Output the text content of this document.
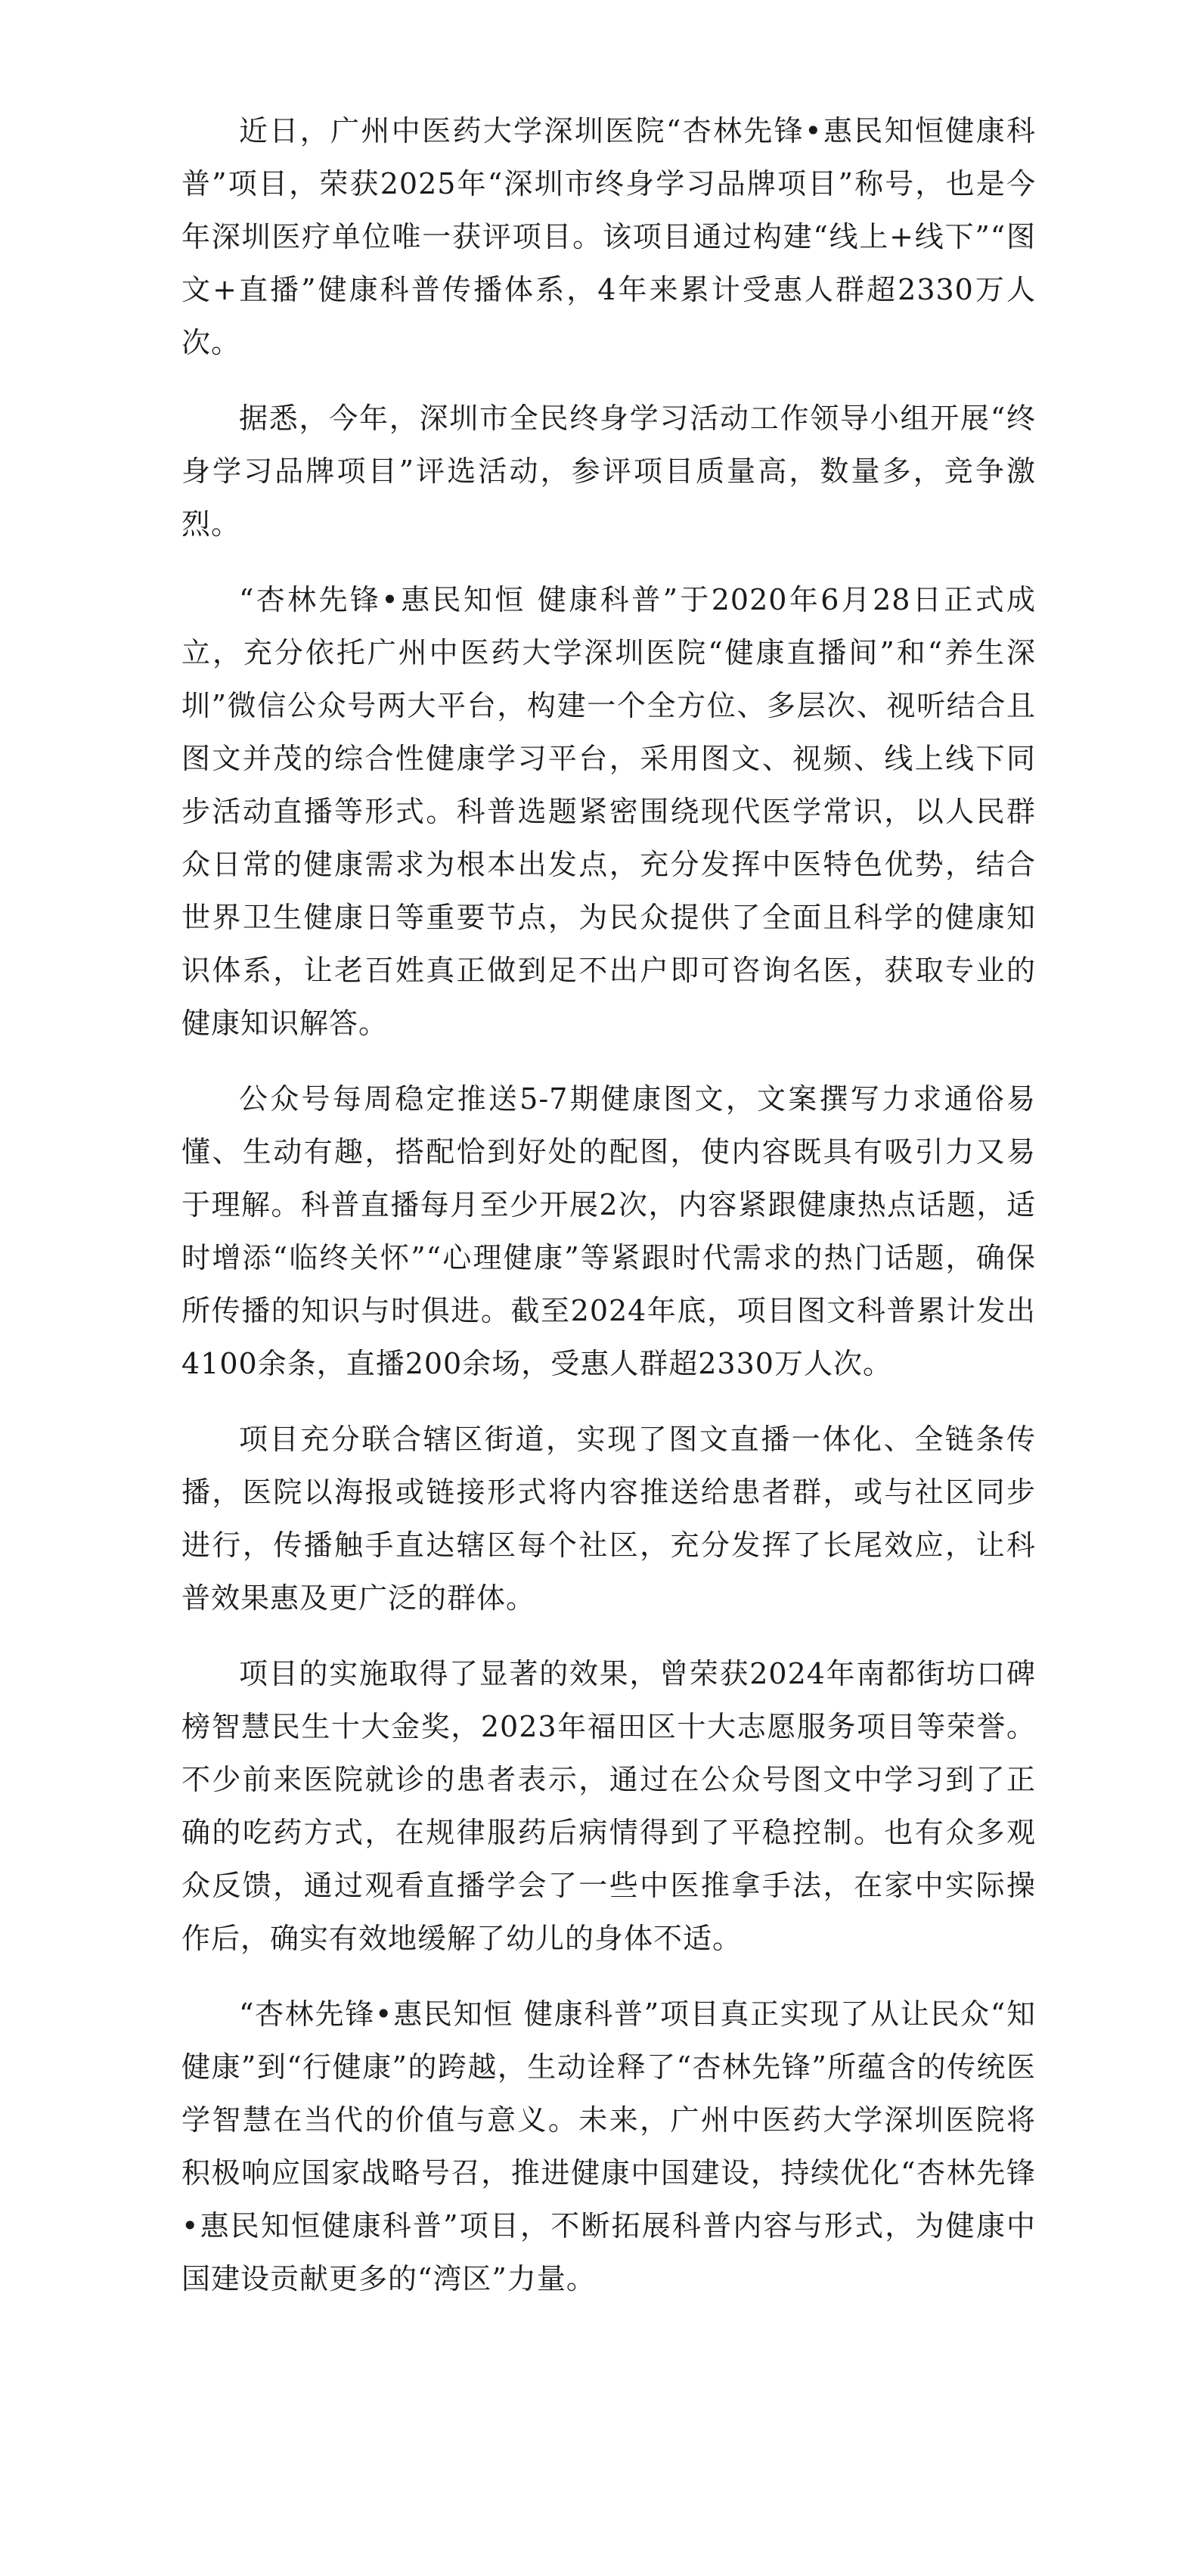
近日，广州中医药大学深圳医院“杏林先锋•惠民知恒健康科普”项目，荣获2025年“深圳市终身学习品牌项目”称号，也是今年深圳医疗单位唯一获评项目。该项目通过构建“线上+线下”“图文+直播”健康科普传播体系，4年来累计受惠人群超2330万人次。

据悉，今年，深圳市全民终身学习活动工作领导小组开展“终身学习品牌项目”评选活动，参评项目质量高，数量多，竞争激烈。

“杏林先锋•惠民知恒 健康科普”于2020年6月28日正式成立，充分依托广州中医药大学深圳医院“健康直播间”和“养生深圳”微信公众号两大平台，构建一个全方位、多层次、视听结合且图文并茂的综合性健康学习平台，采用图文、视频、线上线下同步活动直播等形式。科普选题紧密围绕现代医学常识，以人民群众日常的健康需求为根本出发点，充分发挥中医特色优势，结合世界卫生健康日等重要节点，为民众提供了全面且科学的健康知识体系，让老百姓真正做到足不出户即可咨询名医，获取专业的健康知识解答。

公众号每周稳定推送5-7期健康图文，文案撰写力求通俗易懂、生动有趣，搭配恰到好处的配图，使内容既具有吸引力又易于理解。科普直播每月至少开展2次，内容紧跟健康热点话题，适时增添“临终关怀”“心理健康”等紧跟时代需求的热门话题，确保所传播的知识与时俱进。截至2024年底，项目图文科普累计发出4100余条，直播200余场，受惠人群超2330万人次。

项目充分联合辖区街道，实现了图文直播一体化、全链条传播，医院以海报或链接形式将内容推送给患者群，或与社区同步进行，传播触手直达辖区每个社区，充分发挥了长尾效应，让科普效果惠及更广泛的群体。

项目的实施取得了显著的效果，曾荣获2024年南都街坊口碑榜智慧民生十大金奖，2023年福田区十大志愿服务项目等荣誉。不少前来医院就诊的患者表示，通过在公众号图文中学习到了正确的吃药方式，在规律服药后病情得到了平稳控制。也有众多观众反馈，通过观看直播学会了一些中医推拿手法，在家中实际操作后，确实有效地缓解了幼儿的身体不适。

“杏林先锋•惠民知恒 健康科普”项目真正实现了从让民众“知健康”到“行健康”的跨越，生动诠释了“杏林先锋”所蕴含的传统医学智慧在当代的价值与意义。未来，广州中医药大学深圳医院将积极响应国家战略号召，推进健康中国建设，持续优化“杏林先锋•惠民知恒健康科普”项目，不断拓展科普内容与形式，为健康中国建设贡献更多的“湾区”力量。
